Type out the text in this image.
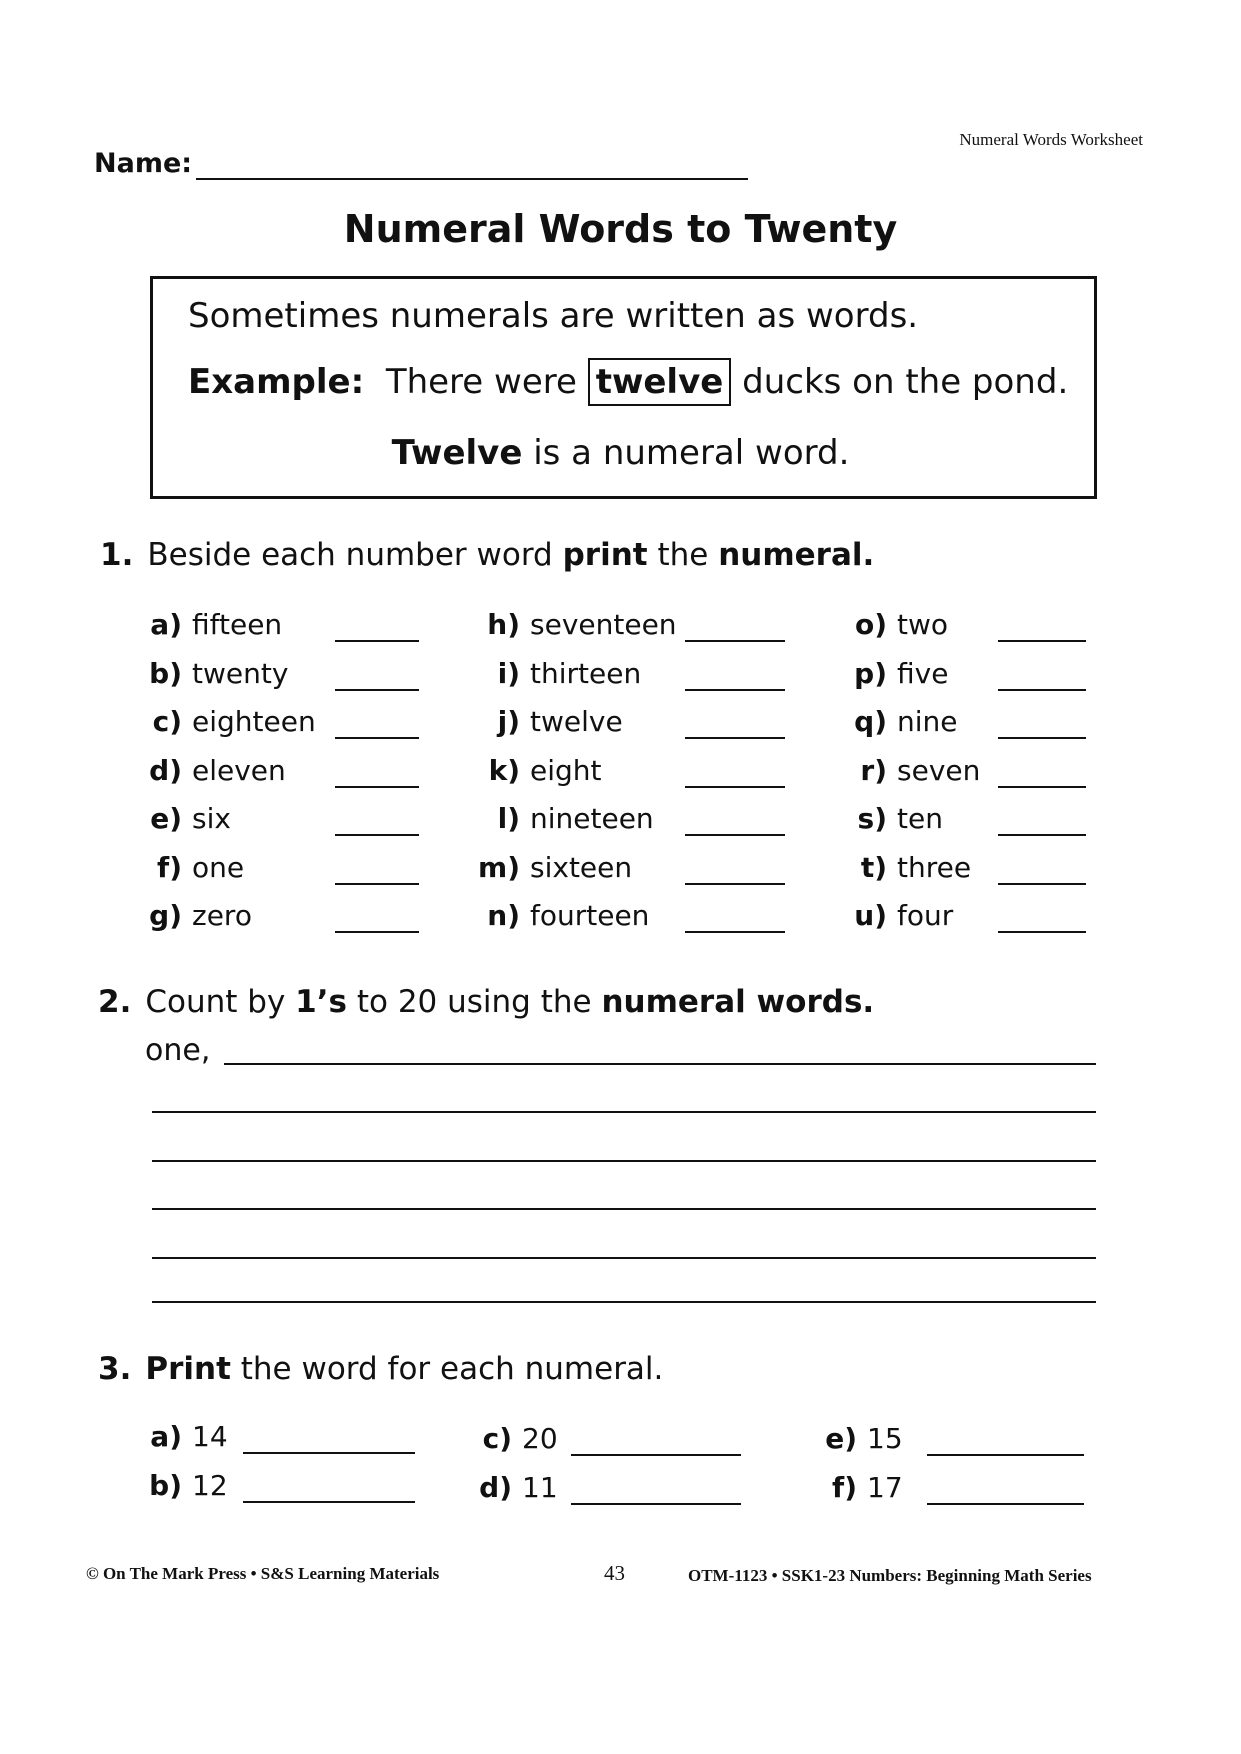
Numeral Words Worksheet
Name:
Numeral Words to Twenty
Sometimes numerals are written as words.
Example: There were twelve ducks on the pond.
Twelve is a numeral word.
1. Beside each number word print the numeral.
a) fifteen
b) twenty
c) eighteen
d) eleven
e) six
f) one
g) zero
h) seventeen
i) thirteen
j) twelve
k) eight
l) nineteen
m) sixteen
n) fourteen
o) two
p) five
q) nine
r) seven
s) ten
t) three
u) four
2. Count by 1’s to 20 using the numeral words.
one,
3. Print the word for each numeral.
a) 14
b) 12
c) 20
d) 11
e) 15
f) 17
© On The Mark Press • S&S Learning Materials	43	OTM-1123 • SSK1-23 Numbers: Beginning Math Series
